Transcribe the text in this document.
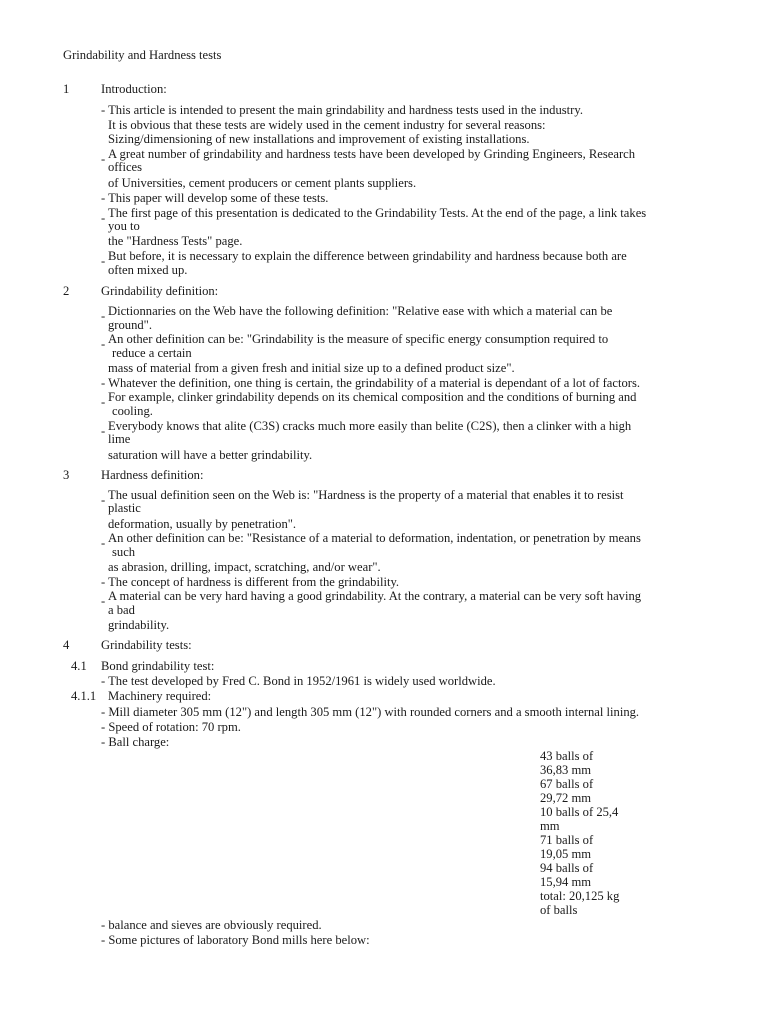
Grindability and Hardness tests
1	Introduction:
- This article is intended to present the main grindability and hardness tests used in the industry.
It is obvious that these tests are widely used in the cement industry for several reasons:
Sizing/dimensioning of new installations and improvement of existing installations.
- A great number of grindability and hardness tests have been developed by Grinding Engineers, Research
offices
of Universities, cement producers or cement plants suppliers.
- This paper will develop some of these tests.
- The first page of this presentation is dedicated to the Grindability Tests. At the end of the page, a link takes
you to
the "Hardness Tests" page.
- But before, it is necessary to explain the difference between grindability and hardness because both are
often mixed up.
2	Grindability definition:
- Dictionnaries on the Web have the following definition: "Relative ease with which a material can be
ground".
- An other definition can be: "Grindability is the measure of specific energy consumption required to
reduce a certain
mass of material from a given fresh and initial size up to a defined product size".
- Whatever the definition, one thing is certain, the grindability of a material is dependant of a lot of factors.
- For example, clinker grindability depends on its chemical composition and the conditions of burning and
cooling.
- Everybody knows that alite (C3S) cracks much more easily than belite (C2S), then a clinker with a high
lime
saturation will have a better grindability.
3	Hardness definition:
- The usual definition seen on the Web is: "Hardness is the property of a material that enables it to resist
plastic
deformation, usually by penetration".
- An other definition can be: "Resistance of a material to deformation, indentation, or penetration by means
such
as abrasion, drilling, impact, scratching, and/or wear".
- The concept of hardness is different from the grindability.
- A material can be very hard having a good grindability. At the contrary, a material can be very soft having
a bad
grindability.
4	Grindability tests:
4.1 Bond grindability test:
- The test developed by Fred C. Bond in 1952/1961 is widely used worldwide.
4.1.1 Machinery required:
- Mill diameter 305 mm (12") and length 305 mm (12") with rounded corners and a smooth internal lining.
- Speed of rotation: 70 rpm.
- Ball charge:
43 balls of
36,83 mm
67 balls of
29,72 mm
10 balls of 25,4
mm
71 balls of
19,05 mm
94 balls of
15,94 mm
total: 20,125 kg
of balls
- balance and sieves are obviously required.
- Some pictures of laboratory Bond mills here below:
